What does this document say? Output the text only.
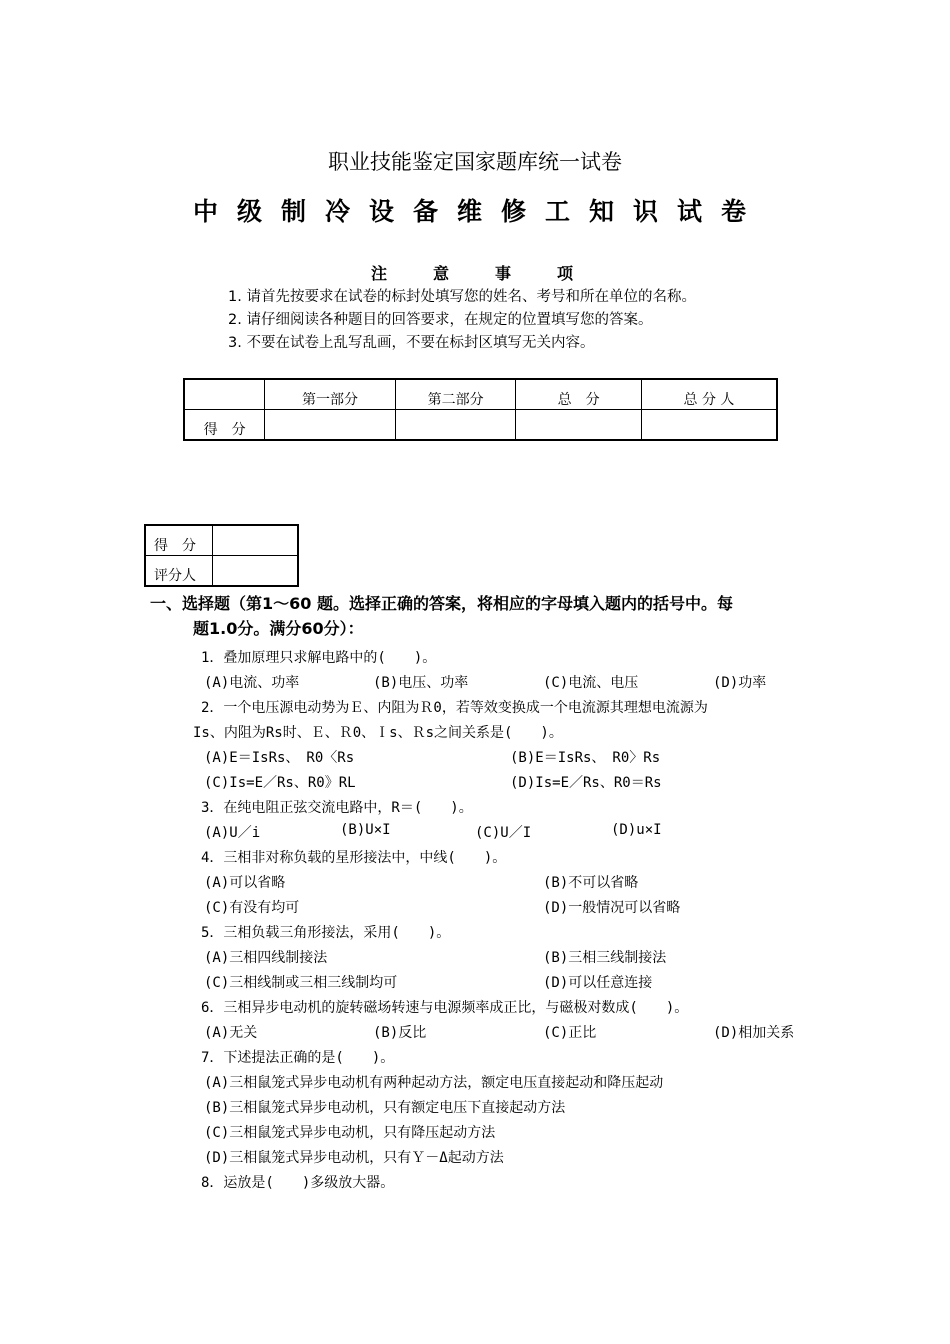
职业技能鉴定国家题库统一试卷
中级制冷设备维修工知识试卷
注意事项
1. 请首先按要求在试卷的标封处填写您的姓名、考号和所在单位的名称。
2. 请仔细阅读各种题目的回答要求，在规定的位置填写您的答案。
3. 不要在试卷上乱写乱画，不要在标封区填写无关内容。
	第一部分	第二部分	总　分	总 分 人
得　分				
得　分	
评分人	
一、选择题（第1～60 题。选择正确的答案，将相应的字母填入题内的括号中。每
题1.0分。满分60分）：
1．叠加原理只求解电路中的(　　)。
(A)电流、功率	(B)电压、功率	(C)电流、电压	(D)功率
2．一个电压源电动势为Ｅ、内阻为Ｒ0，若等效变换成一个电流源其理想电流源为
Is、内阻为Rs时、Ｅ、Ｒ0、Ｉs、Ｒs之间关系是(　　)。
(A)E＝IsRs、　R0〈Rs	(B)E＝IsRs、　R0〉Rs
(C)Is=E／Rs、R0》RL	(D)Is=E／Rs、R0＝Rs
3．在纯电阻正弦交流电路中，R＝(　　)。
(A)U／i	(B)U×I	(C)U／I	(D)u×I
4．三相非对称负载的星形接法中，中线(　　)。
(A)可以省略	(B)不可以省略
(C)有没有均可	(D)一般情况可以省略
5．三相负载三角形接法，采用(　　)。
(A)三相四线制接法	(B)三相三线制接法
(C)三相线制或三相三线制均可	(D)可以任意连接
6．三相异步电动机的旋转磁场转速与电源频率成正比，与磁极对数成(　　)。
(A)无关	(B)反比	(C)正比	(D)相加关系
7．下述提法正确的是(　　)。
(A)三相鼠笼式异步电动机有两种起动方法，额定电压直接起动和降压起动
(B)三相鼠笼式异步电动机，只有额定电压下直接起动方法
(C)三相鼠笼式异步电动机，只有降压起动方法
(D)三相鼠笼式异步电动机，只有Ｙ－Δ起动方法
8．运放是(　　)多级放大器。
